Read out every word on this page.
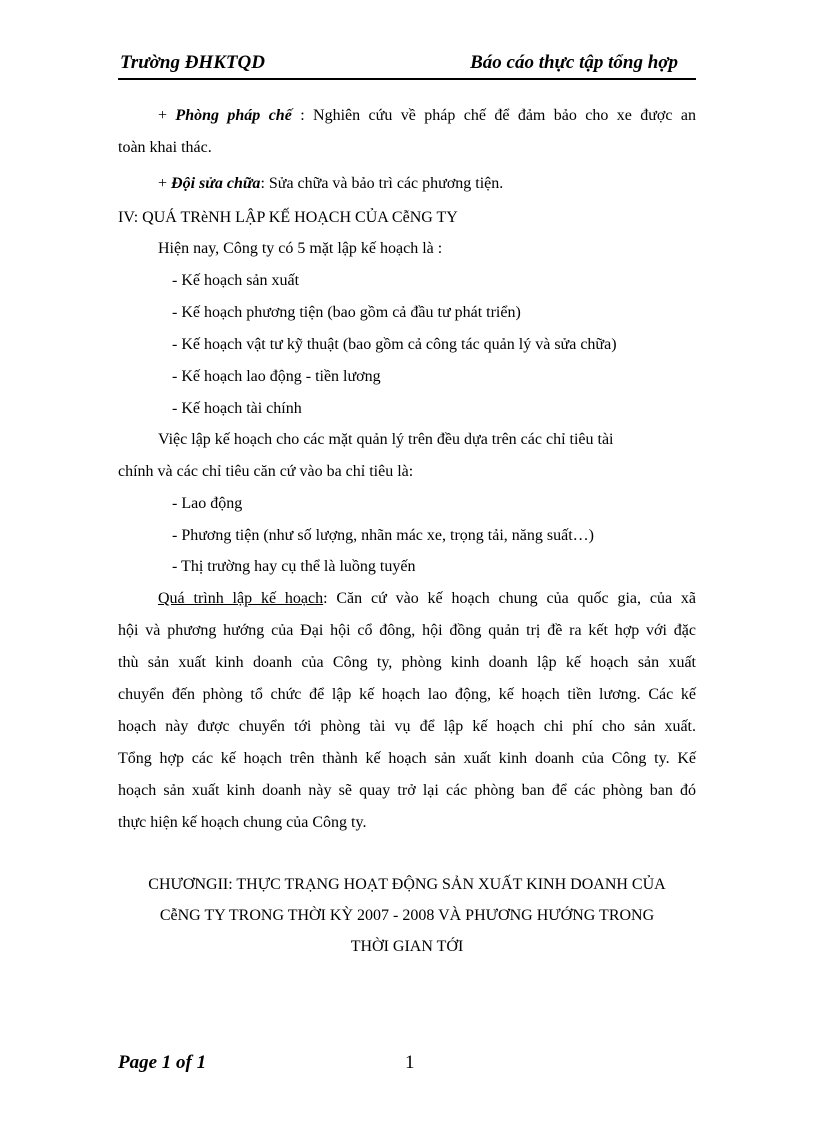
Trường ĐHKTQD	Báo cáo thực tập tổng hợp
+ Phòng pháp chế : Nghiên cứu về pháp chế để đảm bảo cho xe được an
toàn khai thác.
+ Đội sửa chữa: Sửa chữa và bảo trì các phương tiện.
IV: QUÁ TRèNH LẬP KẾ HOẠCH CỦA CễNG TY
Hiện nay, Công ty có 5 mặt lập kế hoạch là :
- Kế hoạch sản xuất
- Kế hoạch phương tiện (bao gồm cả đầu tư phát triển)
- Kế hoạch vật tư kỹ thuật (bao gồm cả công tác quản lý và sửa chữa)
- Kế hoạch lao động - tiền lương
- Kế hoạch tài chính
Việc lập kế hoạch cho các mặt quản lý trên đều dựa trên các chỉ tiêu tài
chính và các chỉ tiêu căn cứ vào ba chỉ tiêu là:
- Lao động
- Phương tiện (như số lượng, nhãn mác xe, trọng tải, năng suất…)
- Thị trường hay cụ thể là luồng tuyến
Quá trình lập kế hoạch: Căn cứ vào kế hoạch chung của quốc gia, của xã
hội và phương hướng của Đại hội cổ đông, hội đồng quản trị đề ra kết hợp với đặc
thù sản xuất kinh doanh của Công ty, phòng kinh doanh lập kế hoạch sản xuất
chuyển đến phòng tổ chức để lập kế hoạch lao động, kế hoạch tiền lương. Các kế
hoạch này được chuyển tới phòng tài vụ để lập kế hoạch chi phí cho sản xuất.
Tổng hợp các kế hoạch trên thành kế hoạch sản xuất kinh doanh của Công ty. Kế
hoạch sản xuất kinh doanh này sẽ quay trở lại các phòng ban để các phòng ban đó
thực hiện kế hoạch chung của Công ty.
CHƯƠNGII: THỰC TRẠNG HOẠT ĐỘNG SẢN XUẤT KINH DOANH CỦA
CễNG TY TRONG THỜI KỲ 2007 - 2008 VÀ PHƯƠNG HƯỚNG TRONG
THỜI GIAN TỚI
Page 1 of 1	1
